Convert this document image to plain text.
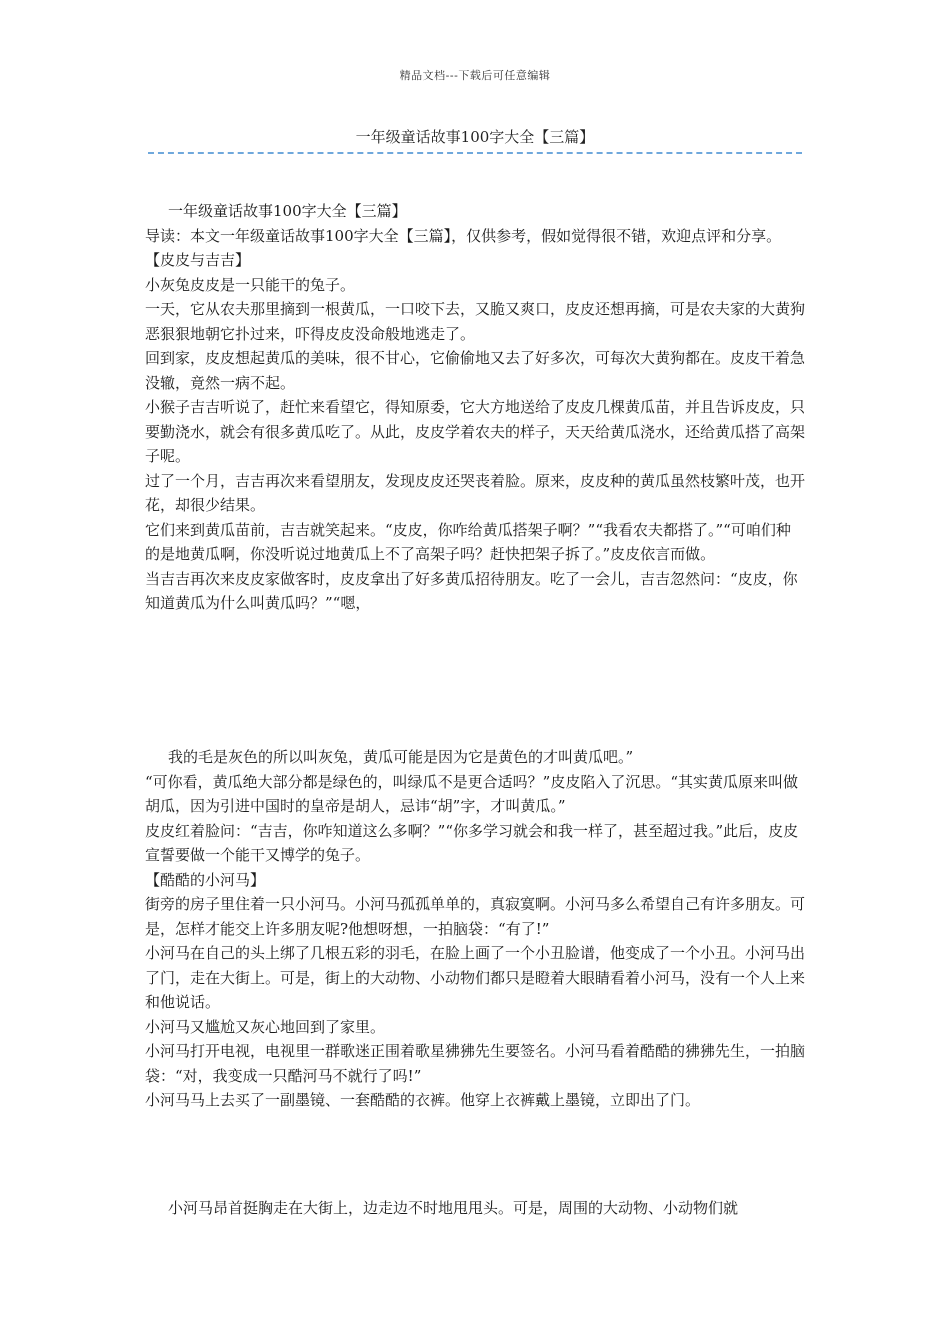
精品文档---下载后可任意编辑
一年级童话故事100字大全【三篇】

一年级童话故事100字大全【三篇】

导读：本文一年级童话故事100字大全【三篇】，仅供参考，假如觉得很不错，欢迎点评和分享。

【皮皮与吉吉】

小灰兔皮皮是一只能干的兔子。

一天，它从农夫那里摘到一根黄瓜，一口咬下去，又脆又爽口，皮皮还想再摘，可是农夫家的大黄狗恶狠狠地朝它扑过来，吓得皮皮没命般地逃走了。

回到家，皮皮想起黄瓜的美味，很不甘心，它偷偷地又去了好多次，可每次大黄狗都在。皮皮干着急没辙，竟然一病不起。

小猴子吉吉听说了，赶忙来看望它，得知原委，它大方地送给了皮皮几棵黄瓜苗，并且告诉皮皮，只要勤浇水，就会有很多黄瓜吃了。从此，皮皮学着农夫的样子，天天给黄瓜浇水，还给黄瓜搭了高架子呢。

过了一个月，吉吉再次来看望朋友，发现皮皮还哭丧着脸。原来，皮皮种的黄瓜虽然枝繁叶茂，也开花，却很少结果。

它们来到黄瓜苗前，吉吉就笑起来。“皮皮，你咋给黄瓜搭架子啊？”“我看农夫都搭了。”“可咱们种的是地黄瓜啊，你没听说过地黄瓜上不了高架子吗？赶快把架子拆了。”皮皮依言而做。

当吉吉再次来皮皮家做客时，皮皮拿出了好多黄瓜招待朋友。吃了一会儿，吉吉忽然问：“皮皮，你知道黄瓜为什么叫黄瓜吗？”“嗯，

我的毛是灰色的所以叫灰兔，黄瓜可能是因为它是黄色的才叫黄瓜吧。”

“可你看，黄瓜绝大部分都是绿色的，叫绿瓜不是更合适吗？”皮皮陷入了沉思。“其实黄瓜原来叫做胡瓜，因为引进中国时的皇帝是胡人，忌讳“胡”字，才叫黄瓜。”

皮皮红着脸问：“吉吉，你咋知道这么多啊？”“你多学习就会和我一样了，甚至超过我。”此后，皮皮宣誓要做一个能干又博学的兔子。

【酷酷的小河马】

街旁的房子里住着一只小河马。小河马孤孤单单的，真寂寞啊。小河马多么希望自己有许多朋友。可是，怎样才能交上许多朋友呢?他想呀想，一拍脑袋：“有了!”

小河马在自己的头上绑了几根五彩的羽毛，在脸上画了一个小丑脸谱，他变成了一个小丑。小河马出了门，走在大街上。可是，街上的大动物、小动物们都只是瞪着大眼睛看着小河马，没有一个人上来和他说话。

小河马又尴尬又灰心地回到了家里。

小河马打开电视，电视里一群歌迷正围着歌星狒狒先生要签名。小河马看着酷酷的狒狒先生，一拍脑袋：“对，我变成一只酷河马不就行了吗!”

小河马马上去买了一副墨镜、一套酷酷的衣裤。他穿上衣裤戴上墨镜，立即出了门。

小河马昂首挺胸走在大街上，边走边不时地甩甩头。可是，周围的大动物、小动物们就
